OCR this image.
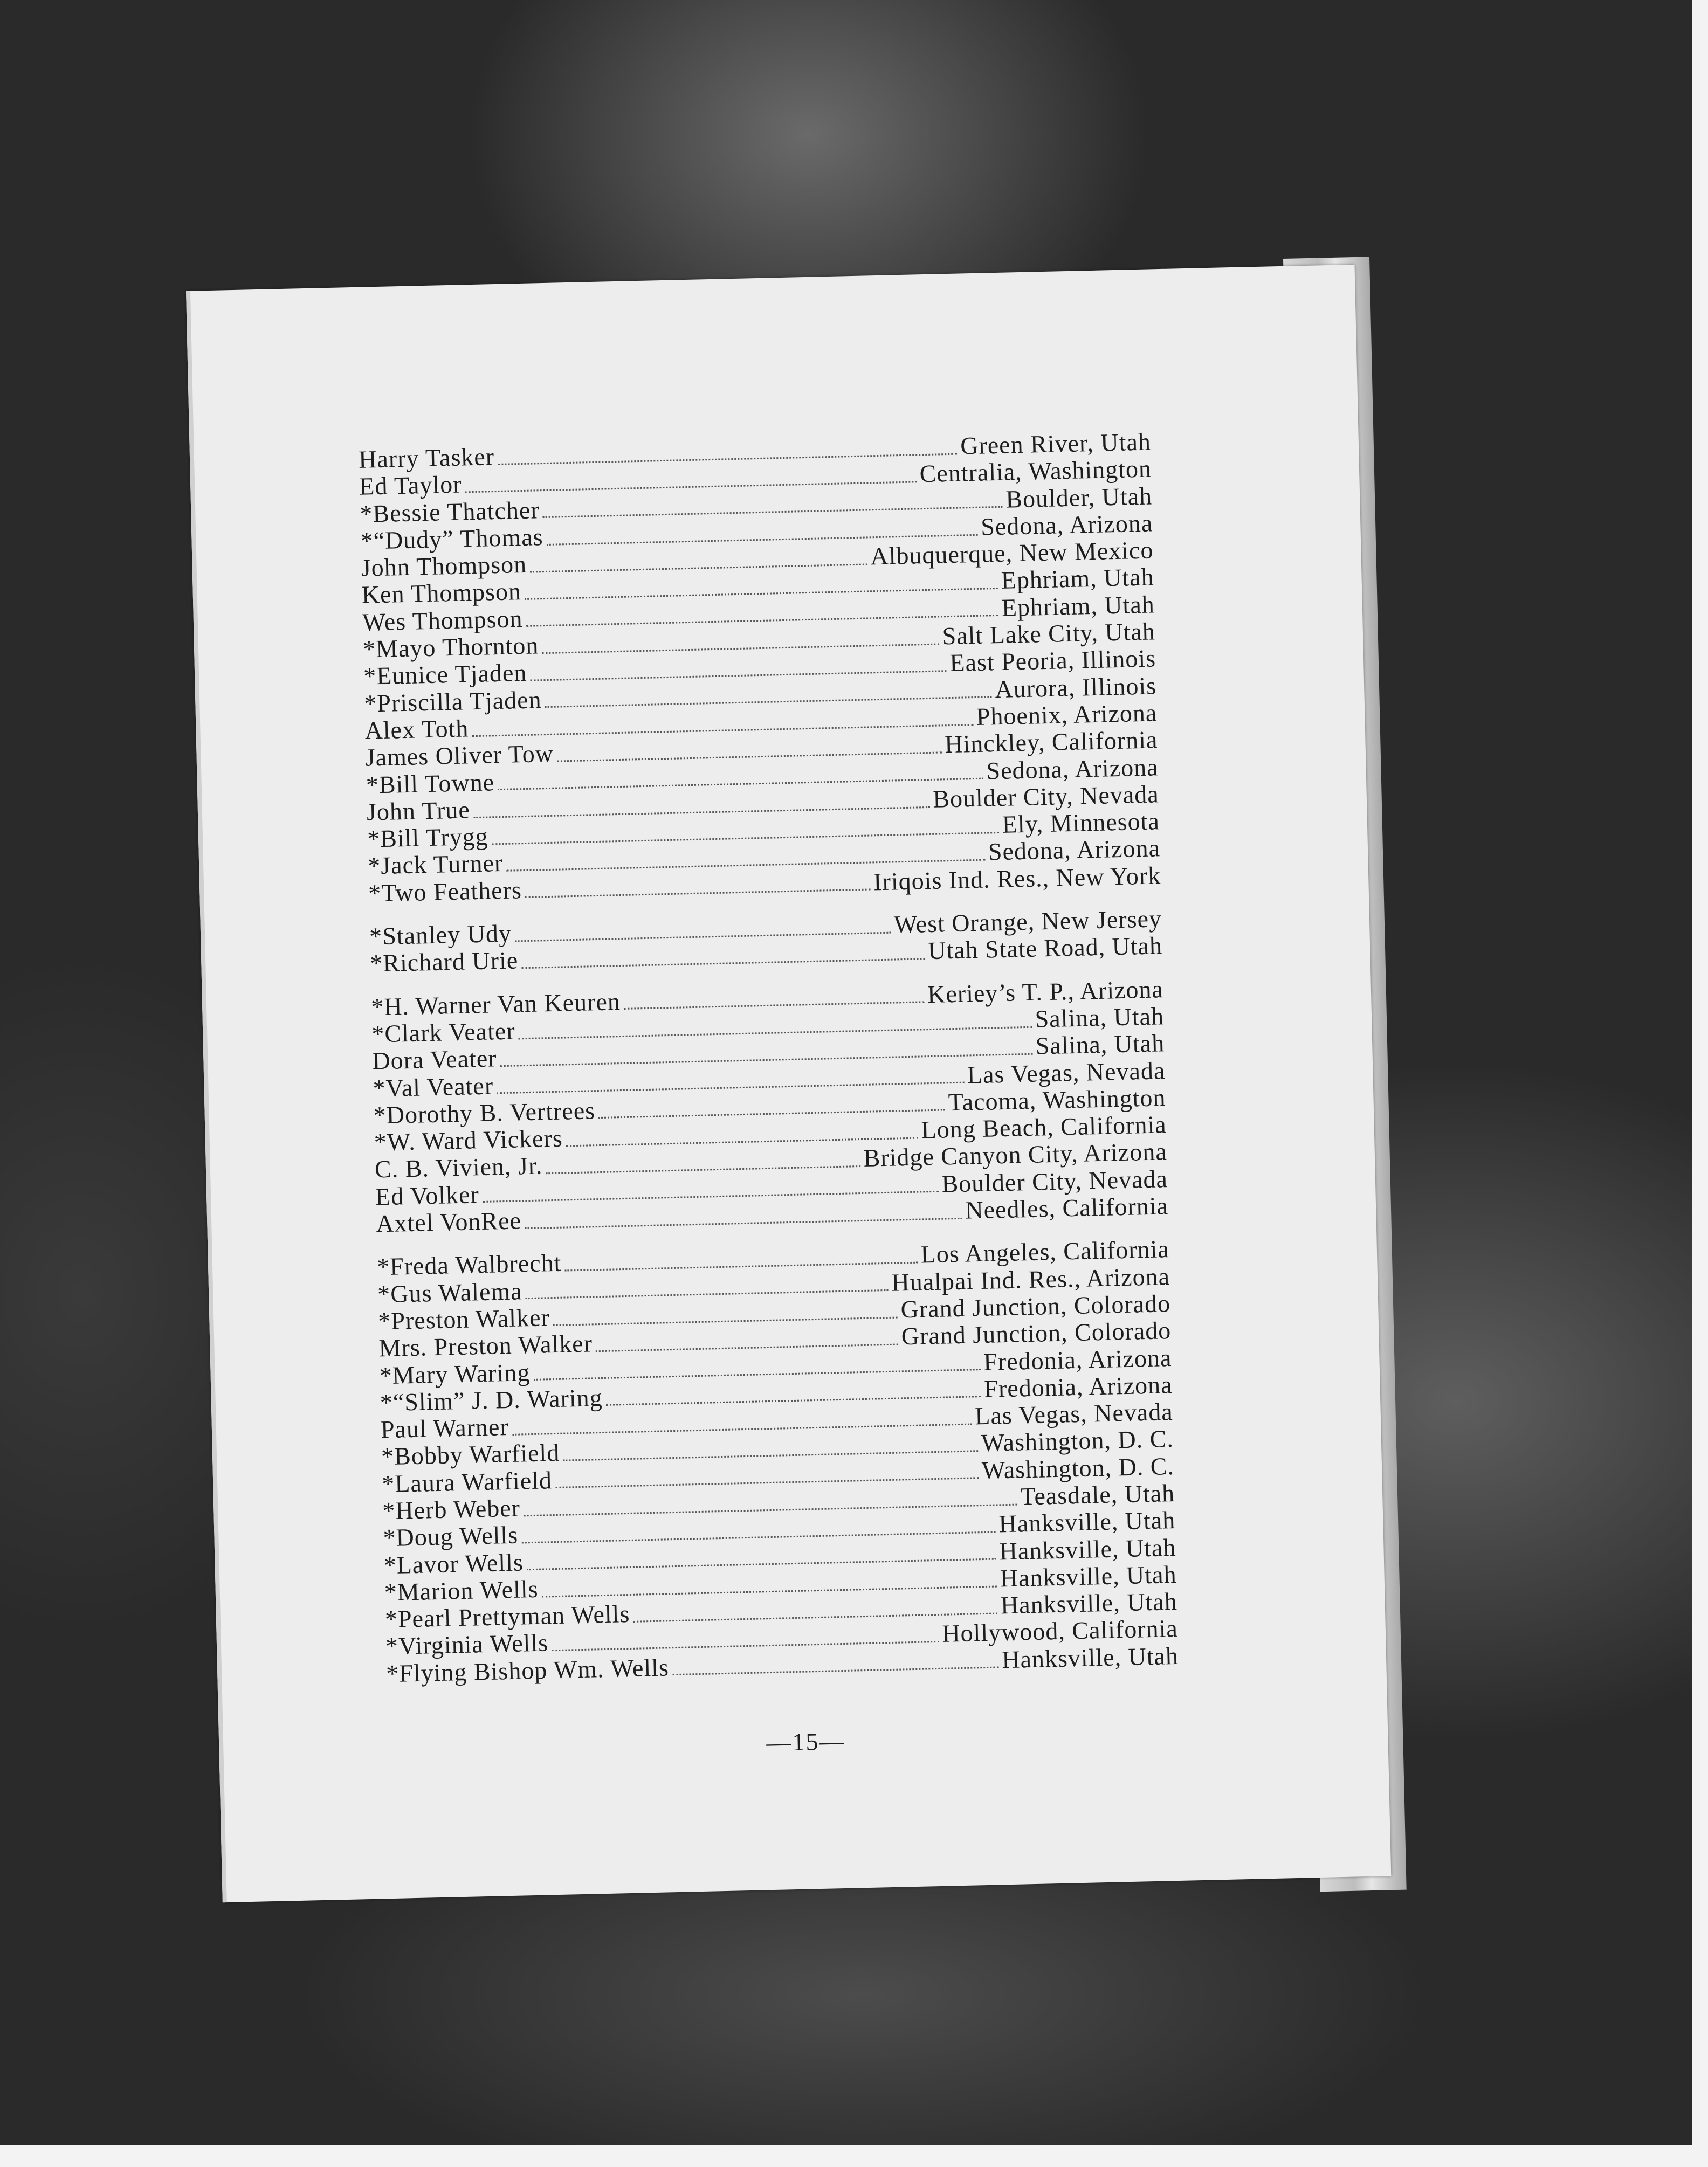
Harry Tasker	Green River, Utah
Ed Taylor	Centralia, Washington
*Bessie Thatcher	Boulder, Utah
*“Dudy” Thomas	Sedona, Arizona
John Thompson	Albuquerque, New Mexico
Ken Thompson	Ephriam, Utah
Wes Thompson	Ephriam, Utah
*Mayo Thornton	Salt Lake City, Utah
*Eunice Tjaden	East Peoria, Illinois
*Priscilla Tjaden	Aurora, Illinois
Alex Toth	Phoenix, Arizona
James Oliver Tow	Hinckley, California
*Bill Towne	Sedona, Arizona
John True	Boulder City, Nevada
*Bill Trygg	Ely, Minnesota
*Jack Turner	Sedona, Arizona
*Two Feathers	Iriqois Ind. Res., New York
*Stanley Udy	West Orange, New Jersey
*Richard Urie	Utah State Road, Utah
*H. Warner Van Keuren	Keriey’s T. P., Arizona
*Clark Veater	Salina, Utah
Dora Veater	Salina, Utah
*Val Veater	Las Vegas, Nevada
*Dorothy B. Vertrees	Tacoma, Washington
*W. Ward Vickers	Long Beach, California
C. B. Vivien, Jr.	Bridge Canyon City, Arizona
Ed Volker	Boulder City, Nevada
Axtel VonRee	Needles, California
*Freda Walbrecht	Los Angeles, California
*Gus Walema	Hualpai Ind. Res., Arizona
*Preston Walker	Grand Junction, Colorado
Mrs. Preston Walker	Grand Junction, Colorado
*Mary Waring	Fredonia, Arizona
*“Slim” J. D. Waring	Fredonia, Arizona
Paul Warner	Las Vegas, Nevada
*Bobby Warfield	Washington, D. C.
*Laura Warfield	Washington, D. C.
*Herb Weber	Teasdale, Utah
*Doug Wells	Hanksville, Utah
*Lavor Wells	Hanksville, Utah
*Marion Wells	Hanksville, Utah
*Pearl Prettyman Wells	Hanksville, Utah
*Virginia Wells	Hollywood, California
*Flying Bishop Wm. Wells	Hanksville, Utah
—15—
